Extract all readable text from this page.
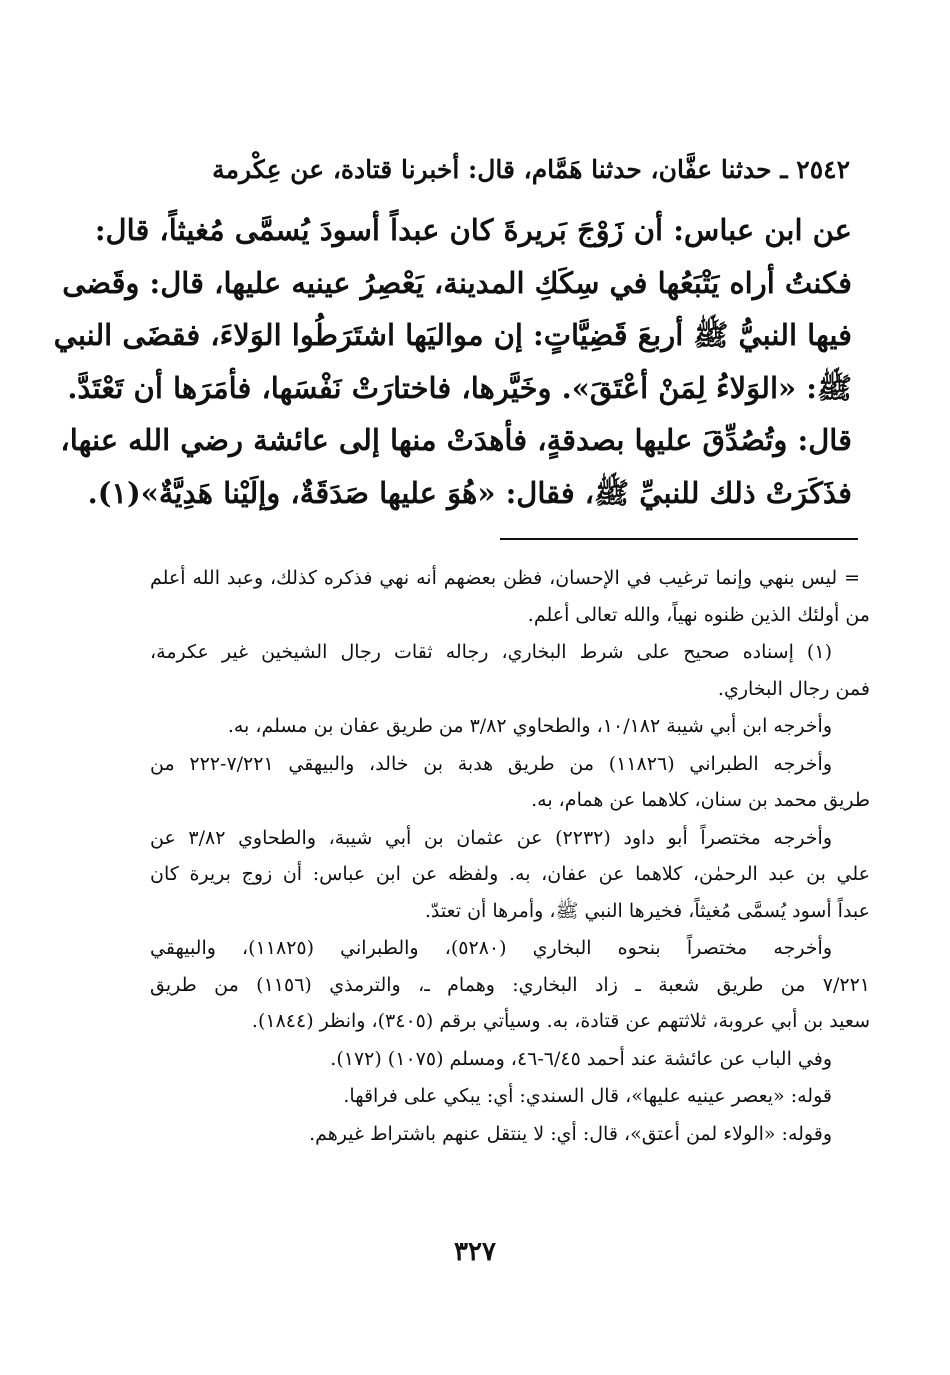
٢٥٤٢ ـ حدثنا عفَّان، حدثنا هَمَّام، قال: أخبرنا قتادة، عن عِكْرمة
عن ابن عباس: أن زَوْجَ بَريرةَ كان عبداً أسودَ يُسمَّى مُغيثاً، قال:
فكنتُ أراه يَتْبَعُها في سِكَكِ المدينة، يَعْصِرُ عينيه عليها، قال: وقَضى
فيها النبيُّ ﷺ أربعَ قَضِيَّاتٍ: إن مواليَها اشتَرَطُوا الوَلاءَ، فقضَى النبي
ﷺ: «الوَلاءُ لِمَنْ أعْتَقَ». وخَيَّرها، فاختارَتْ نَفْسَها، فأمَرَها أن تَعْتَدَّ.
قال: وتُصُدِّقَ عليها بصدقةٍ، فأهدَتْ منها إلى عائشة رضي الله عنها،
فذَكَرَتْ ذلك للنبيِّ ﷺ، فقال: «هُوَ عليها صَدَقَةٌ، وإلَيْنا هَدِيَّةٌ»(١).
= ليس بنهي وإنما ترغيب في الإحسان، فظن بعضهم أنه نهي فذكره كذلك، وعبد الله أعلم
من أولئك الذين ظنوه نهياً، والله تعالى أعلم.
(١) إسناده صحيح على شرط البخاري، رجاله ثقات رجال الشيخين غير عكرمة،
فمن رجال البخاري.
وأخرجه ابن أبي شيبة ١٠/١٨٢، والطحاوي ٣/٨٢ من طريق عفان بن مسلم، به.
وأخرجه الطبراني (١١٨٢٦) من طريق هدبة بن خالد، والبيهقي ٧/٢٢١-٢٢٢ من
طريق محمد بن سنان، كلاهما عن همام، به.
وأخرجه مختصراً أبو داود (٢٢٣٢) عن عثمان بن أبي شيبة، والطحاوي ٣/٨٢ عن
علي بن عبد الرحمٰن، كلاهما عن عفان، به. ولفظه عن ابن عباس: أن زوج بريرة كان
عبداً أسود يُسمَّى مُغيثاً، فخيرها النبي ﷺ، وأمرها أن تعتدّ.
وأخرجه مختصراً بنحوه البخاري (٥٢٨٠)، والطبراني (١١٨٢٥)، والبيهقي
٧/٢٢١ من طريق شعبة ـ زاد البخاري: وهمام ـ، والترمذي (١١٥٦) من طريق
سعيد بن أبي عروبة، ثلاثتهم عن قتادة، به. وسيأتي برقم (٣٤٠٥)، وانظر (١٨٤٤).
وفي الباب عن عائشة عند أحمد ٦/٤٥-٤٦، ومسلم (١٠٧٥) (١٧٢).
قوله: «يعصر عينيه عليها»، قال السندي: أي: يبكي على فراقها.
وقوله: «الولاء لمن أعتق»، قال: أي: لا ينتقل عنهم باشتراط غيرهم.
٣٢٧
